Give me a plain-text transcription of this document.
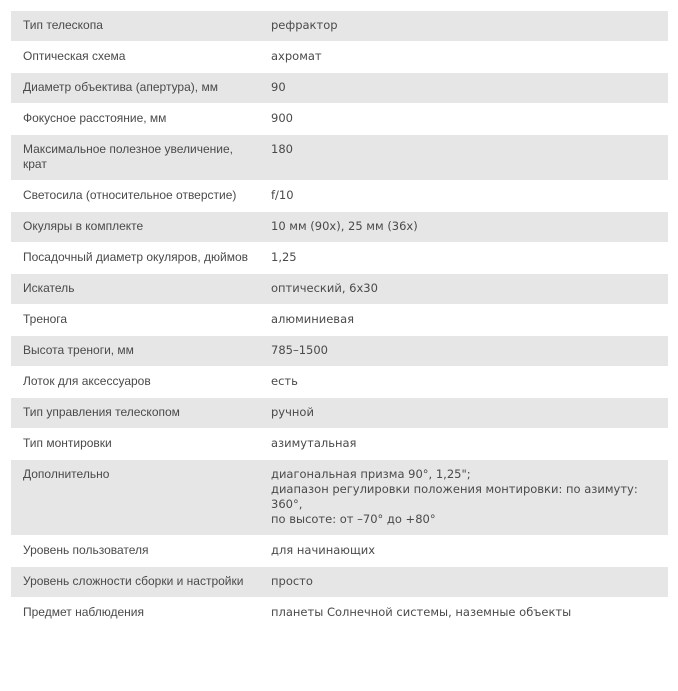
Тип телескопа	рефрактор
Оптическая схема	ахромат
Диаметр объектива (апертура), мм	90
Фокусное расстояние, мм	900
Максимальное полезное увеличение, крат	180
Светосила (относительное отверстие)	f/10
Окуляры в комплекте	10 мм (90x), 25 мм (36x)
Посадочный диаметр окуляров, дюймов	1,25
Искатель	оптический, 6x30
Тренога	алюминиевая
Высота треноги, мм	785–1500
Лоток для аксессуаров	есть
Тип управления телескопом	ручной
Тип монтировки	азимутальная
Дополнительно	диагональная призма 90°, 1,25";
диапазон регулировки положения монтировки: по азимуту: 360°,
по высоте: от –70° до +80°
Уровень пользователя	для начинающих
Уровень сложности сборки и настройки	просто
Предмет наблюдения	планеты Солнечной системы, наземные объекты
